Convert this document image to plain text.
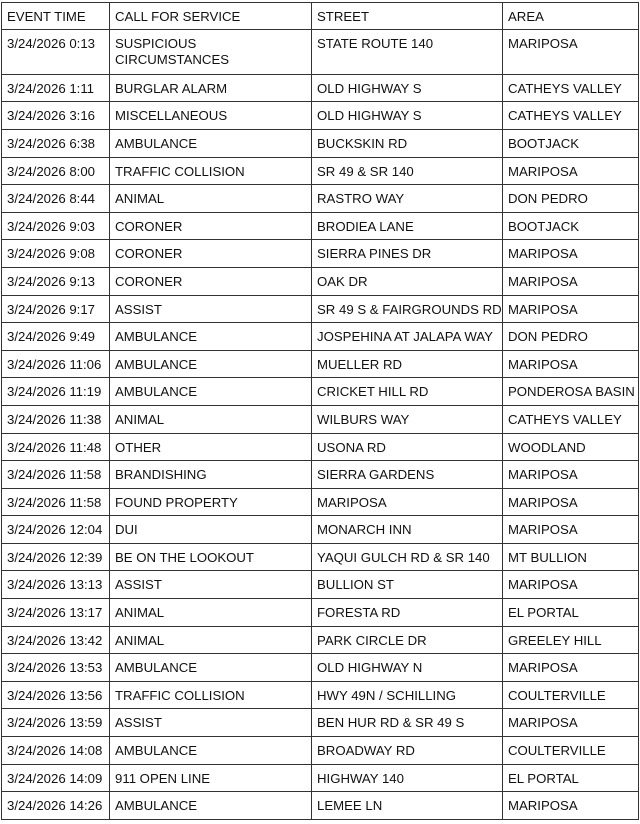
EVENT TIME	CALL FOR SERVICE	STREET	AREA
3/24/2026 0:13	SUSPICIOUS CIRCUMSTANCES	STATE ROUTE 140	MARIPOSA
3/24/2026 1:11	BURGLAR ALARM	OLD HIGHWAY S	CATHEYS VALLEY
3/24/2026 3:16	MISCELLANEOUS	OLD HIGHWAY S	CATHEYS VALLEY
3/24/2026 6:38	AMBULANCE	BUCKSKIN RD	BOOTJACK
3/24/2026 8:00	TRAFFIC COLLISION	SR 49 & SR 140	MARIPOSA
3/24/2026 8:44	ANIMAL	RASTRO WAY	DON PEDRO
3/24/2026 9:03	CORONER	BRODIEA LANE	BOOTJACK
3/24/2026 9:08	CORONER	SIERRA PINES DR	MARIPOSA
3/24/2026 9:13	CORONER	OAK DR	MARIPOSA
3/24/2026 9:17	ASSIST	SR 49 S & FAIRGROUNDS RD	MARIPOSA
3/24/2026 9:49	AMBULANCE	JOSPEHINA AT JALAPA WAY	DON PEDRO
3/24/2026 11:06	AMBULANCE	MUELLER RD	MARIPOSA
3/24/2026 11:19	AMBULANCE	CRICKET HILL RD	PONDEROSA BASIN
3/24/2026 11:38	ANIMAL	WILBURS WAY	CATHEYS VALLEY
3/24/2026 11:48	OTHER	USONA RD	WOODLAND
3/24/2026 11:58	BRANDISHING	SIERRA GARDENS	MARIPOSA
3/24/2026 11:58	FOUND PROPERTY	MARIPOSA	MARIPOSA
3/24/2026 12:04	DUI	MONARCH INN	MARIPOSA
3/24/2026 12:39	BE ON THE LOOKOUT	YAQUI GULCH RD & SR 140	MT BULLION
3/24/2026 13:13	ASSIST	BULLION ST	MARIPOSA
3/24/2026 13:17	ANIMAL	FORESTA RD	EL PORTAL
3/24/2026 13:42	ANIMAL	PARK CIRCLE DR	GREELEY HILL
3/24/2026 13:53	AMBULANCE	OLD HIGHWAY N	MARIPOSA
3/24/2026 13:56	TRAFFIC COLLISION	HWY 49N / SCHILLING	COULTERVILLE
3/24/2026 13:59	ASSIST	BEN HUR RD & SR 49 S	MARIPOSA
3/24/2026 14:08	AMBULANCE	BROADWAY RD	COULTERVILLE
3/24/2026 14:09	911 OPEN LINE	HIGHWAY 140	EL PORTAL
3/24/2026 14:26	AMBULANCE	LEMEE LN	MARIPOSA
